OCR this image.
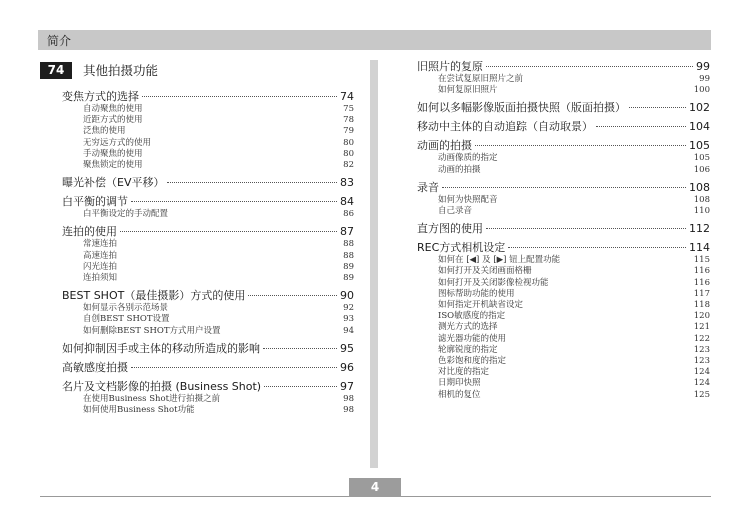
简介
74	其他拍摄功能
变焦方式的选择	74
自动聚焦的使用	75
近距方式的使用	78
泛焦的使用	79
无穷远方式的使用	80
手动聚焦的使用	80
聚焦锁定的使用	82
曝光补偿（EV平移）	83
白平衡的调节	84
白平衡设定的手动配置	86
连拍的使用	87
常速连拍	88
高速连拍	88
闪光连拍	89
连拍须知	89
BEST SHOT（最佳摄影）方式的使用	90
如何显示各别示范场景	92
自创BEST SHOT设置	93
如何删除BEST SHOT方式用户设置	94
如何抑制因手或主体的移动所造成的影响	95
高敏感度拍摄	96
名片及文档影像的拍摄 (Business Shot)	97
在使用Business Shot进行拍摄之前	98
如何使用Business Shot功能	98
旧照片的复原	99
在尝试复原旧照片之前	99
如何复原旧照片	100
如何以多幅影像版面拍摄快照（版面拍摄）	102
移动中主体的自动追踪（自动取景）	104
动画的拍摄	105
动画像质的指定	105
动画的拍摄	106
录音	108
如何为快照配音	108
自己录音	110
直方图的使用	112
REC方式相机设定	114
如何在 [◀] 及 [▶] 钮上配置功能	115
如何打开及关闭画面格栅	116
如何打开及关闭影像检视功能	116
图标帮助功能的使用	117
如何指定开机缺省设定	118
ISO敏感度的指定	120
测光方式的选择	121
滤光器功能的使用	122
轮廓锐度的指定	123
色彩饱和度的指定	123
对比度的指定	124
日期印快照	124
相机的复位	125
4
